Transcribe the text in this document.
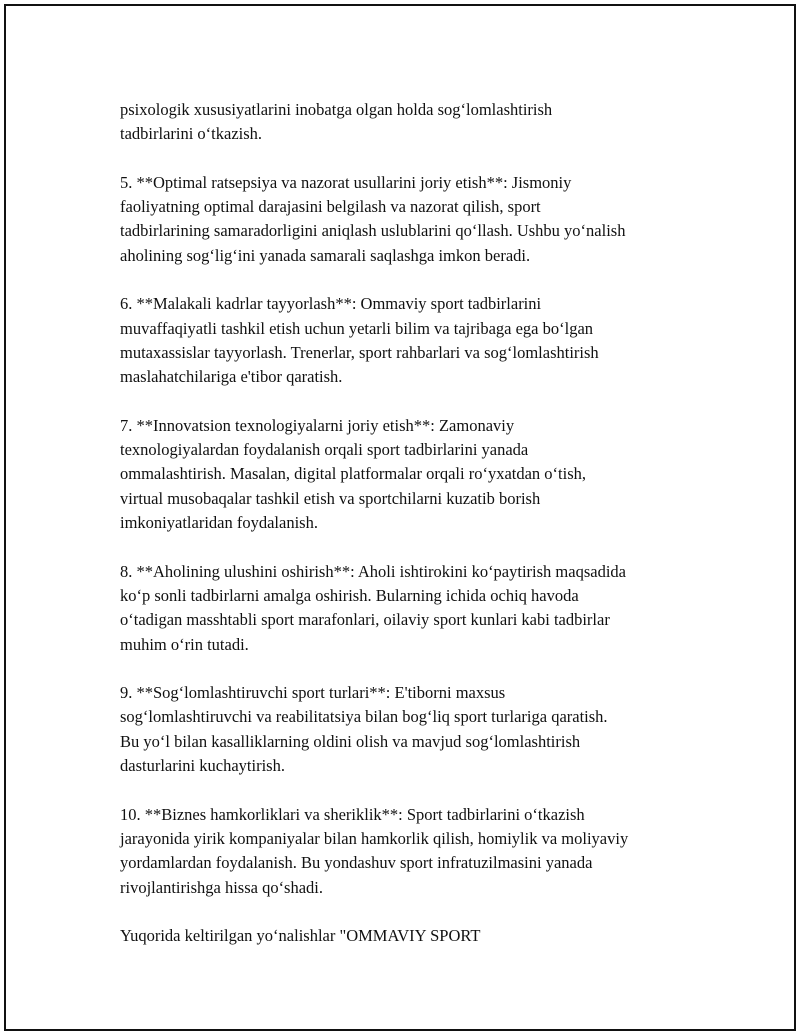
psixologik xususiyatlarini inobatga olgan holda sog‘lomlashtirish
tadbirlarini o‘tkazish.

5. **Optimal ratsepsiya va nazorat usullarini joriy etish**: Jismoniy
faoliyatning optimal darajasini belgilash va nazorat qilish, sport
tadbirlarining samaradorligini aniqlash uslublarini qo‘llash. Ushbu yo‘nalish
aholining sog‘lig‘ini yanada samarali saqlashga imkon beradi.

6. **Malakali kadrlar tayyorlash**: Ommaviy sport tadbirlarini
muvaffaqiyatli tashkil etish uchun yetarli bilim va tajribaga ega bo‘lgan
mutaxassislar tayyorlash. Trenerlar, sport rahbarlari va sog‘lomlashtirish
maslahatchilariga e'tibor qaratish.

7. **Innovatsion texnologiyalarni joriy etish**: Zamonaviy
texnologiyalardan foydalanish orqali sport tadbirlarini yanada
ommalashtirish. Masalan, digital platformalar orqali ro‘yxatdan o‘tish,
virtual musobaqalar tashkil etish va sportchilarni kuzatib borish
imkoniyatlaridan foydalanish.

8. **Aholining ulushini oshirish**: Aholi ishtirokini ko‘paytirish maqsadida
ko‘p sonli tadbirlarni amalga oshirish. Bularning ichida ochiq havoda
o‘tadigan masshtabli sport marafonlari, oilaviy sport kunlari kabi tadbirlar
muhim o‘rin tutadi.

9. **Sog‘lomlashtiruvchi sport turlari**: E'tiborni maxsus
sog‘lomlashtiruvchi va reabilitatsiya bilan bog‘liq sport turlariga qaratish.
Bu yo‘l bilan kasalliklarning oldini olish va mavjud sog‘lomlashtirish
dasturlarini kuchaytirish.

10. **Biznes hamkorliklari va sheriklik**: Sport tadbirlarini o‘tkazish
jarayonida yirik kompaniyalar bilan hamkorlik qilish, homiylik va moliyaviy
yordamlardan foydalanish. Bu yondashuv sport infratuzilmasini yanada
rivojlantirishga hissa qo‘shadi.

Yuqorida keltirilgan yo‘nalishlar "OMMAVIY SPORT
